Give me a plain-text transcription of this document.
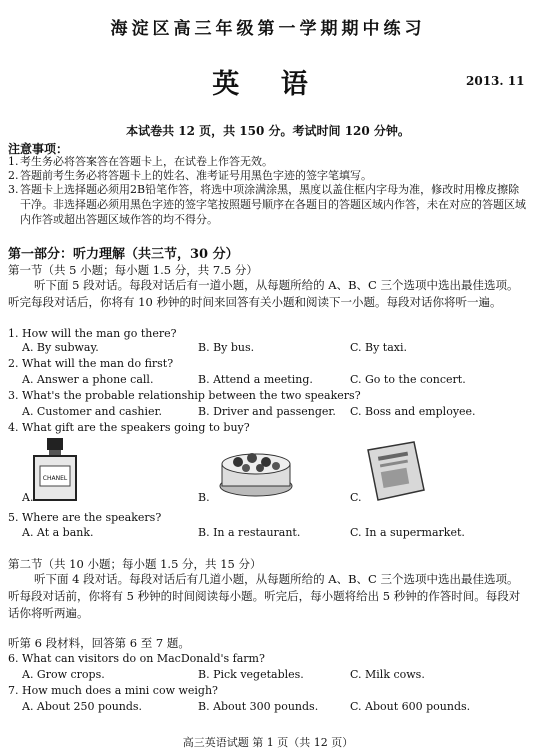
海淀区高三年级第一学期期中练习
英 语	2013. 11
本试卷共 12 页，共 150 分。考试时间 120 分钟。
注意事项：
1. 考生务必将答案答在答题卡上，在试卷上作答无效。
2. 答题前考生务必将答题卡上的姓名、准考证号用黑色字迹的签字笔填写。
3. 答题卡上选择题必须用2B铅笔作答，将选中项涂满涂黑，黑度以盖住框内字母为准，修改时用橡皮擦除干净。非选择题必须用黑色字迹的签字笔按照题号顺序在各题目的答题区域内作答，未在对应的答题区域内作答或超出答题区域作答的均不得分。
第一部分：听力理解（共三节，30 分）
第一节（共 5 小题；每小题 1.5 分，共 7.5 分）
听下面 5 段对话。每段对话后有一道小题，从每题所给的 A、B、C 三个选项中选出最佳选项。听完每段对话后，你将有 10 秒钟的时间来回答有关小题和阅读下一小题。每段对话你将听一遍。
1. How will the man go there?
A. By subway.	B. By bus.	C. By taxi.
2. What will the man do first?
A. Answer a phone call.	B. Attend a meeting.	C. Go to the concert.
3. What's the probable relationship between the two speakers?
A. Customer and cashier.	B. Driver and passenger. C. Boss and employee.
4. What gift are the speakers going to buy?
CHANEL
A.	B.	C.
5. Where are the speakers?
A. At a bank.	B. In a restaurant.	C. In a supermarket.
第二节（共 10 小题；每小题 1.5 分，共 15 分）
听下面 4 段对话。每段对话后有几道小题，从每题所给的 A、B、C 三个选项中选出最佳选项。听每段对话前，你将有 5 秒钟的时间阅读每小题。听完后，每小题将给出 5 秒钟的作答时间。每段对话你将听两遍。
听第 6 段材料，回答第 6 至 7 题。
6. What can visitors do on MacDonald's farm?
A. Grow crops.	B. Pick vegetables.	C. Milk cows.
7. How much does a mini cow weigh?
A. About 250 pounds.	B. About 300 pounds.	C. About 600 pounds.
高三英语试题 第 1 页（共 12 页）
